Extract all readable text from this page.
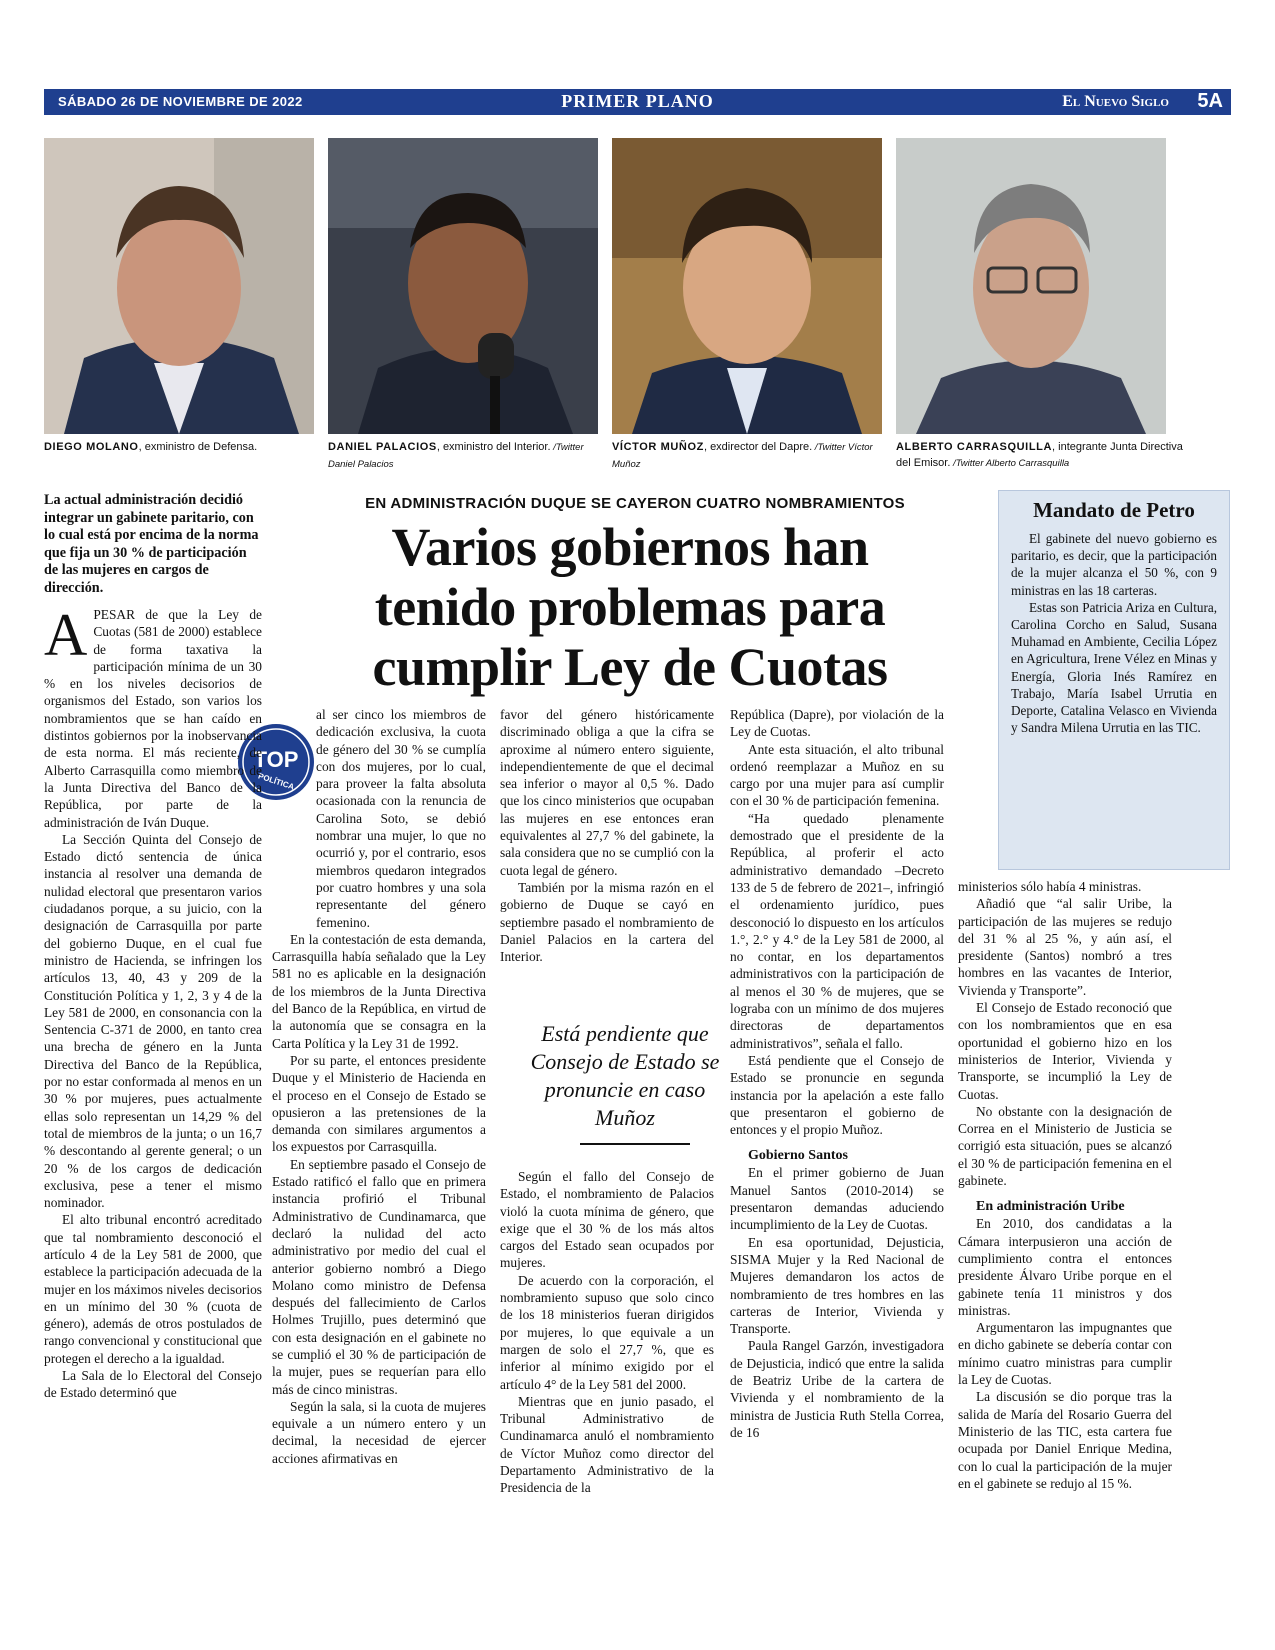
SÁBADO 26 DE NOVIEMBRE DE 2022	PRIMER PLANO	El Nuevo Siglo 5A
DIEGO MOLANO, exministro de Defensa.	DANIEL PALACIOS, exministro del Interior. /Twitter Daniel Palacios
VÍCTOR MUÑOZ, exdirector del Dapre. /Twitter Víctor Muñoz
ALBERTO CARRASQUILLA, integrante Junta Directiva del Emisor. /Twitter Alberto Carrasquilla
La actual administración decidió integrar un gabinete paritario, con lo cual está por encima de la norma que fija un 30 % de participación de las mujeres en cargos de dirección.
EN ADMINISTRACIÓN DUQUE SE CAYERON CUATRO NOMBRAMIENTOS
Varios gobiernos han tenido problemas para cumplir Ley de Cuotas
Mandato de Petro

El gabinete del nuevo gobierno es paritario, es decir, que la participación de la mujer alcanza el 50 %, con 9 ministras en las 18 carteras.

Estas son Patricia Ariza en Cultura, Carolina Corcho en Salud, Susana Muhamad en Ambiente, Cecilia López en Agricultura, Irene Vélez en Minas y Energía, Gloria Inés Ramírez en Trabajo, María Isabel Urrutia en Deporte, Catalina Velasco en Vivienda y Sandra Milena Urrutia en las TIC.

TOP
POLÍTICA

APESAR de que la Ley de Cuotas (581 de 2000) establece de forma taxativa la participación mínima de un 30 % en los niveles decisorios de organismos del Estado, son varios los nombramientos que se han caído en distintos gobiernos por la inobservancia de esta norma. El más reciente, de Alberto Carrasquilla como miembro de la Junta Directiva del Banco de la República, por parte de la administración de Iván Duque.

La Sección Quinta del Consejo de Estado dictó sentencia de única instancia al resolver una demanda de nulidad electoral que presentaron varios ciudadanos porque, a su juicio, con la designación de Carrasquilla por parte del gobierno Duque, en el cual fue ministro de Hacienda, se infringen los artículos 13, 40, 43 y 209 de la Constitución Política y 1, 2, 3 y 4 de la Ley 581 de 2000, en consonancia con la Sentencia C-371 de 2000, en tanto crea una brecha de género en la Junta Directiva del Banco de la República, por no estar conformada al menos en un 30 % por mujeres, pues actualmente ellas solo representan un 14,29 % del total de miembros de la junta; o un 16,7 % descontando al gerente general; o un 20 % de los cargos de dedicación exclusiva, pese a tener el mismo nominador.

El alto tribunal encontró acreditado que tal nombramiento desconoció el artículo 4 de la Ley 581 de 2000, que establece la participación adecuada de la mujer en los máximos niveles decisorios en un mínimo del 30 % (cuota de género), además de otros postulados de rango convencional y constitucional que protegen el derecho a la igualdad.

La Sala de lo Electoral del Consejo de Estado determinó que

al ser cinco los miembros de dedicación exclusiva, la cuota de género del 30 % se cumplía con dos mujeres, por lo cual, para proveer la falta absoluta ocasionada con la renuncia de Carolina Soto, se debió nombrar una mujer, lo que no ocurrió y, por el contrario, esos miembros quedaron integrados por cuatro hombres y una sola representante del género femenino.

En la contestación de esta demanda, Carrasquilla había señalado que la Ley 581 no es aplicable en la designación de los miembros de la Junta Directiva del Banco de la República, en virtud de la autonomía que se consagra en la Carta Política y la Ley 31 de 1992.

Por su parte, el entonces presidente Duque y el Ministerio de Hacienda en el proceso en el Consejo de Estado se opusieron a las pretensiones de la demanda con similares argumentos a los expuestos por Carrasquilla.

En septiembre pasado el Consejo de Estado ratificó el fallo que en primera instancia profirió el Tribunal Administrativo de Cundinamarca, que declaró la nulidad del acto administrativo por medio del cual el anterior gobierno nombró a Diego Molano como ministro de Defensa después del fallecimiento de Carlos Holmes Trujillo, pues determinó que con esta designación en el gabinete no se cumplió el 30 % de participación de la mujer, pues se requerían para ello más de cinco ministras.

Según la sala, si la cuota de mujeres equivale a un número entero y un decimal, la necesidad de ejercer acciones afirmativas en

favor del género históricamente discriminado obliga a que la cifra se aproxime al número entero siguiente, independientemente de que el decimal sea inferior o mayor al 0,5 %. Dado que los cinco ministerios que ocupaban las mujeres en ese entonces eran equivalentes al 27,7 % del gabinete, la sala considera que no se cumplió con la cuota legal de género.

También por la misma razón en el gobierno de Duque se cayó en septiembre pasado el nombramiento de Daniel Palacios en la cartera del Interior.

Está pendiente que Consejo de Estado se pronuncie en caso Muñoz

Según el fallo del Consejo de Estado, el nombramiento de Palacios violó la cuota mínima de género, que exige que el 30 % de los más altos cargos del Estado sean ocupados por mujeres.

De acuerdo con la corporación, el nombramiento supuso que solo cinco de los 18 ministerios fueran dirigidos por mujeres, lo que equivale a un margen de solo el 27,7 %, que es inferior al mínimo exigido por el artículo 4° de la Ley 581 del 2000.

Mientras que en junio pasado, el Tribunal Administrativo de Cundinamarca anuló el nombramiento de Víctor Muñoz como director del Departamento Administrativo de la Presidencia de la

República (Dapre), por violación de la Ley de Cuotas.

Ante esta situación, el alto tribunal ordenó reemplazar a Muñoz en su cargo por una mujer para así cumplir con el 30 % de participación femenina.

“Ha quedado plenamente demostrado que el presidente de la República, al proferir el acto administrativo demandado –Decreto 133 de 5 de febrero de 2021–, infringió el ordenamiento jurídico, pues desconoció lo dispuesto en los artículos 1.°, 2.° y 4.° de la Ley 581 de 2000, al no contar, en los departamentos administrativos con la participación de al menos el 30 % de mujeres, que se lograba con un mínimo de dos mujeres directoras de departamentos administrativos”, señala el fallo.

Está pendiente que el Consejo de Estado se pronuncie en segunda instancia por la apelación a este fallo que presentaron el gobierno de entonces y el propio Muñoz.

Gobierno Santos

En el primer gobierno de Juan Manuel Santos (2010-2014) se presentaron demandas aduciendo incumplimiento de la Ley de Cuotas.

En esa oportunidad, Dejusticia, SISMA Mujer y la Red Nacional de Mujeres demandaron los actos de nombramiento de tres hombres en las carteras de Interior, Vivienda y Transporte.

Paula Rangel Garzón, investigadora de Dejusticia, indicó que entre la salida de Beatriz Uribe de la cartera de Vivienda y el nombramiento de la ministra de Justicia Ruth Stella Correa, de 16

ministerios sólo había 4 ministras.

Añadió que “al salir Uribe, la participación de las mujeres se redujo del 31 % al 25 %, y aún así, el presidente (Santos) nombró a tres hombres en las vacantes de Interior, Vivienda y Transporte”.

El Consejo de Estado reconoció que con los nombramientos que en esa oportunidad el gobierno hizo en los ministerios de Interior, Vivienda y Transporte, se incumplió la Ley de Cuotas.

No obstante con la designación de Correa en el Ministerio de Justicia se corrigió esta situación, pues se alcanzó el 30 % de participación femenina en el gabinete.

En administración Uribe

En 2010, dos candidatas a la Cámara interpusieron una acción de cumplimiento contra el entonces presidente Álvaro Uribe porque en el gabinete tenía 11 ministros y dos ministras.

Argumentaron las impugnantes que en dicho gabinete se debería contar con mínimo cuatro ministras para cumplir la Ley de Cuotas.

La discusión se dio porque tras la salida de María del Rosario Guerra del Ministerio de las TIC, esta cartera fue ocupada por Daniel Enrique Medina, con lo cual la participación de la mujer en el gabinete se redujo al 15 %.
